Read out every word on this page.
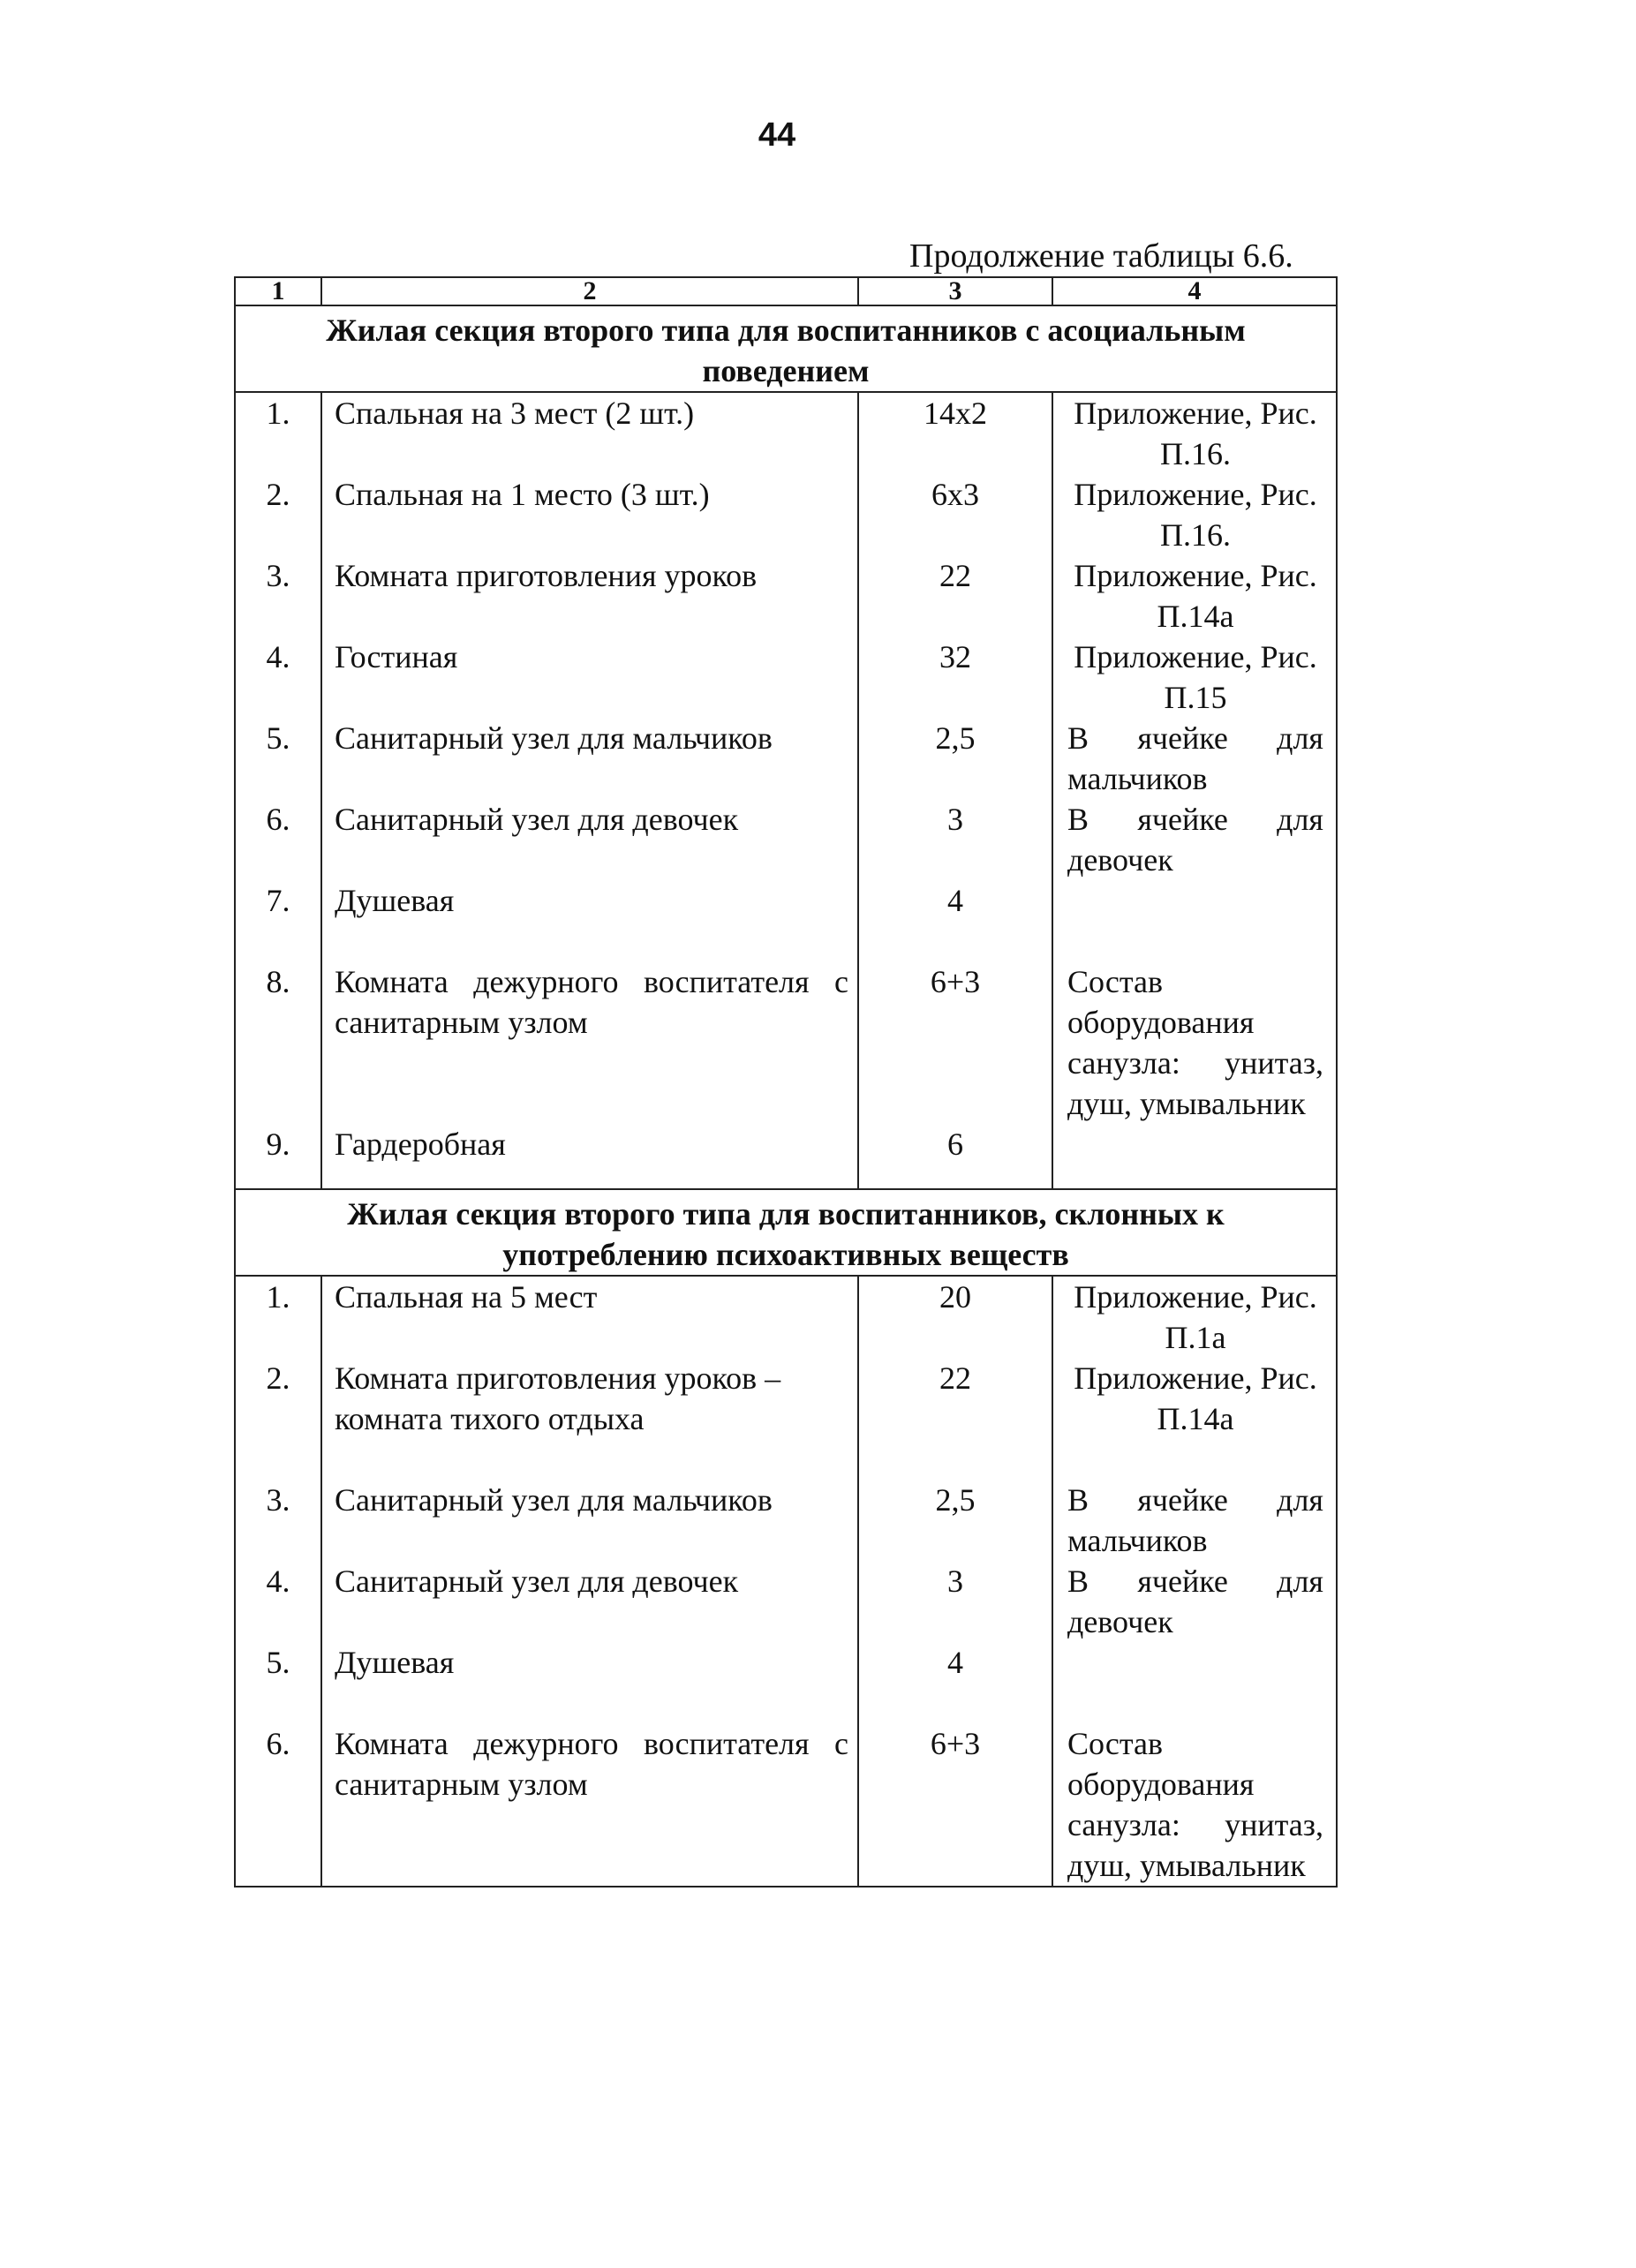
44
Продолжение таблицы 6.6.
1	2	3	4
Жилая секция второго типа для воспитанников с асоциальным поведением			
1.	Спальная на 3 мест (2 шт.)	14x2	Приложение, Рис. П.16.
2.	Спальная на 1 место (3 шт.)	6x3	Приложение, Рис. П.16.
3.	Комната приготовления уроков	22	Приложение, Рис. П.14а
4.	Гостиная	32	Приложение, Рис. П.15
5.	Санитарный узел для мальчиков	2,5	В ячейке для мальчиков
6.	Санитарный узел для девочек	3	В ячейке для девочек
7.	Душевая	4	
8.	Комната дежурного воспитателя с санитарным узлом	6+3	Состав оборудования санузла: унитаз, душ, умывальник
9.	Гардеробная	6	
Жилая секция второго типа для воспитанников, склонных к употреблению психоактивных веществ			
1.	Спальная на 5 мест	20	Приложение, Рис. П.1а
2.	Комната приготовления уроков – комната тихого отдыха	22	Приложение, Рис. П.14а
3.	Санитарный узел для мальчиков	2,5	В ячейке для мальчиков
4.	Санитарный узел для девочек	3	В ячейке для девочек
5.	Душевая	4	
6.	Комната дежурного воспитателя с санитарным узлом	6+3	Состав оборудования санузла: унитаз, душ, умывальник
